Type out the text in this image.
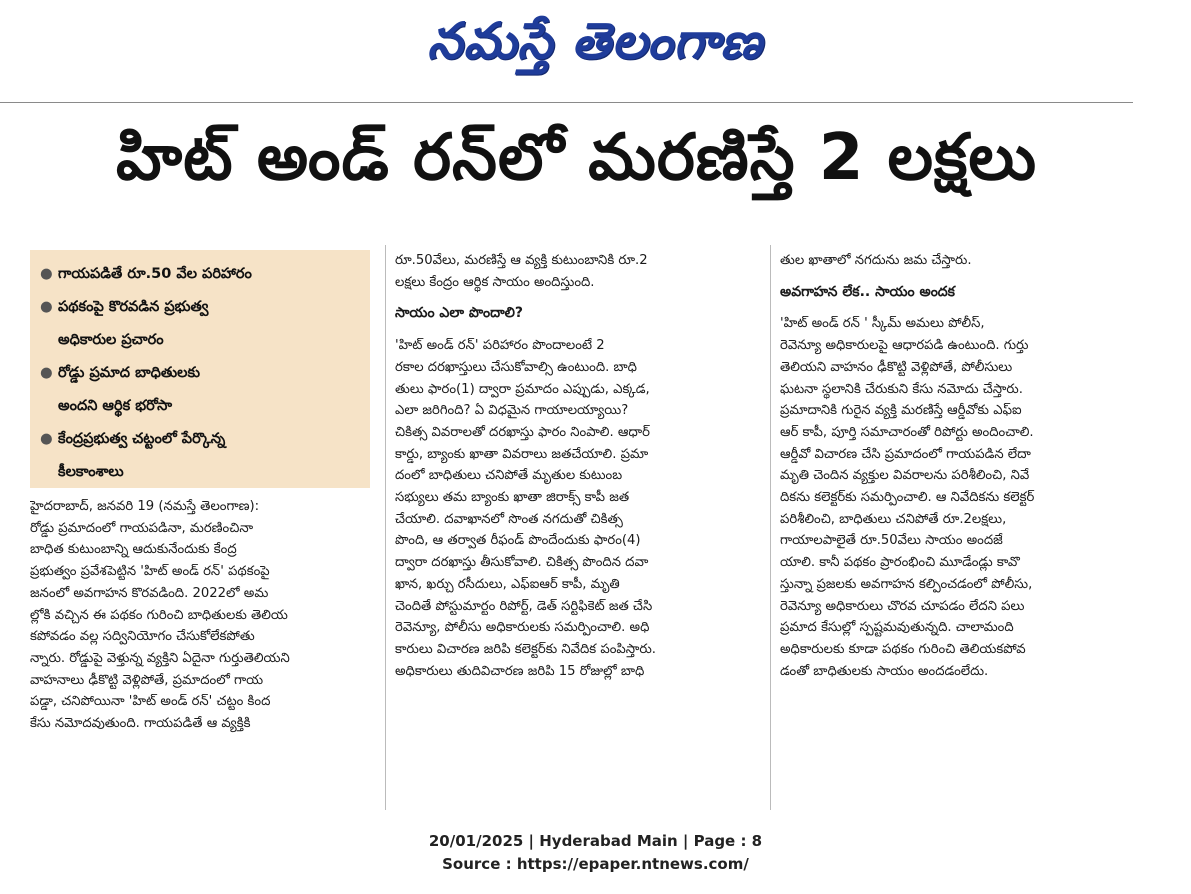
నమస్తే తెలంగాణ
హిట్ అండ్ రన్‌లో మరణిస్తే 2 లక్షలు
● గాయపడితే రూ.50 వేల పరిహారం
● పథకంపై కొరవడిన ప్రభుత్వ
అధికారుల ప్రచారం
● రోడ్డు ప్రమాద బాధితులకు
అందని ఆర్థిక భరోసా
● కేంద్రప్రభుత్వ చట్టంలో పేర్కొన్న
కీలకాంశాలు
హైదరాబాద్, జనవరి 19 (నమస్తే తెలంగాణ):
రోడ్డు ప్రమాదంలో గాయపడినా, మరణించినా
బాధిత కుటుంబాన్ని ఆదుకునేందుకు కేంద్ర
ప్రభుత్వం ప్రవేశపెట్టిన 'హిట్ అండ్ రన్' పథకంపై
జనంలో అవగాహన కొరవడింది. 2022లో అమ
ల్లోకి వచ్చిన ఈ పథకం గురించి బాధితులకు తెలియ
కపోవడం వల్ల సద్వినియోగం చేసుకోలేకపోతు
న్నారు. రోడ్డుపై వెళ్తున్న వ్యక్తిని ఏదైనా గుర్తుతెలియని
వాహనాలు ఢీకొట్టి వెళ్లిపోతే, ప్రమాదంలో గాయ
పడ్డా, చనిపోయినా 'హిట్ అండ్ రన్' చట్టం కింద
కేసు నమోదవుతుంది. గాయపడితే ఆ వ్యక్తికి
రూ.50వేలు, మరణిస్తే ఆ వ్యక్తి కుటుంబానికి రూ.2
లక్షలు కేంద్రం ఆర్థిక సాయం అందిస్తుంది.
సాయం ఎలా పొందాలి?
'హిట్ అండ్ రన్' పరిహారం పొందాలంటే 2
రకాల దరఖాస్తులు చేసుకోవాల్సి ఉంటుంది. బాధి
తులు ఫారం(1) ద్వారా ప్రమాదం ఎప్పుడు, ఎక్కడ,
ఎలా జరిగింది? ఏ విధమైన గాయాలయ్యాయి?
చికిత్స వివరాలతో దరఖాస్తు ఫారం నింపాలి. ఆధార్
కార్డు, బ్యాంకు ఖాతా వివరాలు జతచేయాలి. ప్రమా
దంలో బాధితులు చనిపోతే మృతుల కుటుంబ
సభ్యులు తమ బ్యాంకు ఖాతా జిరాక్స్ కాపీ జత
చేయాలి. దవాఖానలో సొంత నగదుతో చికిత్స
పొంది, ఆ తర్వాత రీఫండ్ పొందేందుకు ఫారం(4)
ద్వారా దరఖాస్తు తీసుకోవాలి. చికిత్స పొందిన దవా
ఖాన, ఖర్చు రసీదులు, ఎఫ్ఐఆర్ కాపీ, మృతి
చెందితే పోస్టుమార్టం రిపోర్ట్, డెత్ సర్టిఫికెట్ జత చేసి
రెవెన్యూ, పోలీసు అధికారులకు సమర్పించాలి. అధి
కారులు విచారణ జరిపి కలెక్టర్‌కు నివేదిక పంపిస్తారు.
అధికారులు తుదివిచారణ జరిపి 15 రోజుల్లో బాధి
తుల ఖాతాలో నగదును జమ చేస్తారు.
అవగాహన లేక.. సాయం అందక
'హిట్ అండ్ రన్ ' స్కీమ్ అమలు పోలీస్,
రెవెన్యూ అధికారులపై ఆధారపడి ఉంటుంది. గుర్తు
తెలియని వాహనం ఢీకొట్టి వెళ్లిపోతే, పోలీసులు
ఘటనా స్థలానికి చేరుకుని కేసు నమోదు చేస్తారు.
ప్రమాదానికి గురైన వ్యక్తి మరణిస్తే ఆర్డీవోకు ఎఫ్ఐ
ఆర్ కాపీ, పూర్తి సమాచారంతో రిపోర్టు అందించాలి.
ఆర్డీవో విచారణ చేసి ప్రమాదంలో గాయపడిన లేదా
మృతి చెందిన వ్యక్తుల వివరాలను పరిశీలించి, నివే
దికను కలెక్టర్‌కు సమర్పించాలి. ఆ నివేదికను కలెక్టర్
పరిశీలించి, బాధితులు చనిపోతే రూ.2లక్షలు,
గాయాలపాలైతే రూ.50వేలు సాయం అందజే
యాలి. కానీ పథకం ప్రారంభించి మూడేండ్లు కావొ
స్తున్నా ప్రజలకు అవగాహన కల్పించడంలో పోలీసు,
రెవెన్యూ అధికారులు చొరవ చూపడం లేదని పలు
ప్రమాద కేసుల్లో స్పష్టమవుతున్నది. చాలామంది
అధికారులకు కూడా పథకం గురించి తెలియకపోవ
డంతో బాధితులకు సాయం అందడంలేదు.
20/01/2025 | Hyderabad Main | Page : 8
Source : https://epaper.ntnews.com/
